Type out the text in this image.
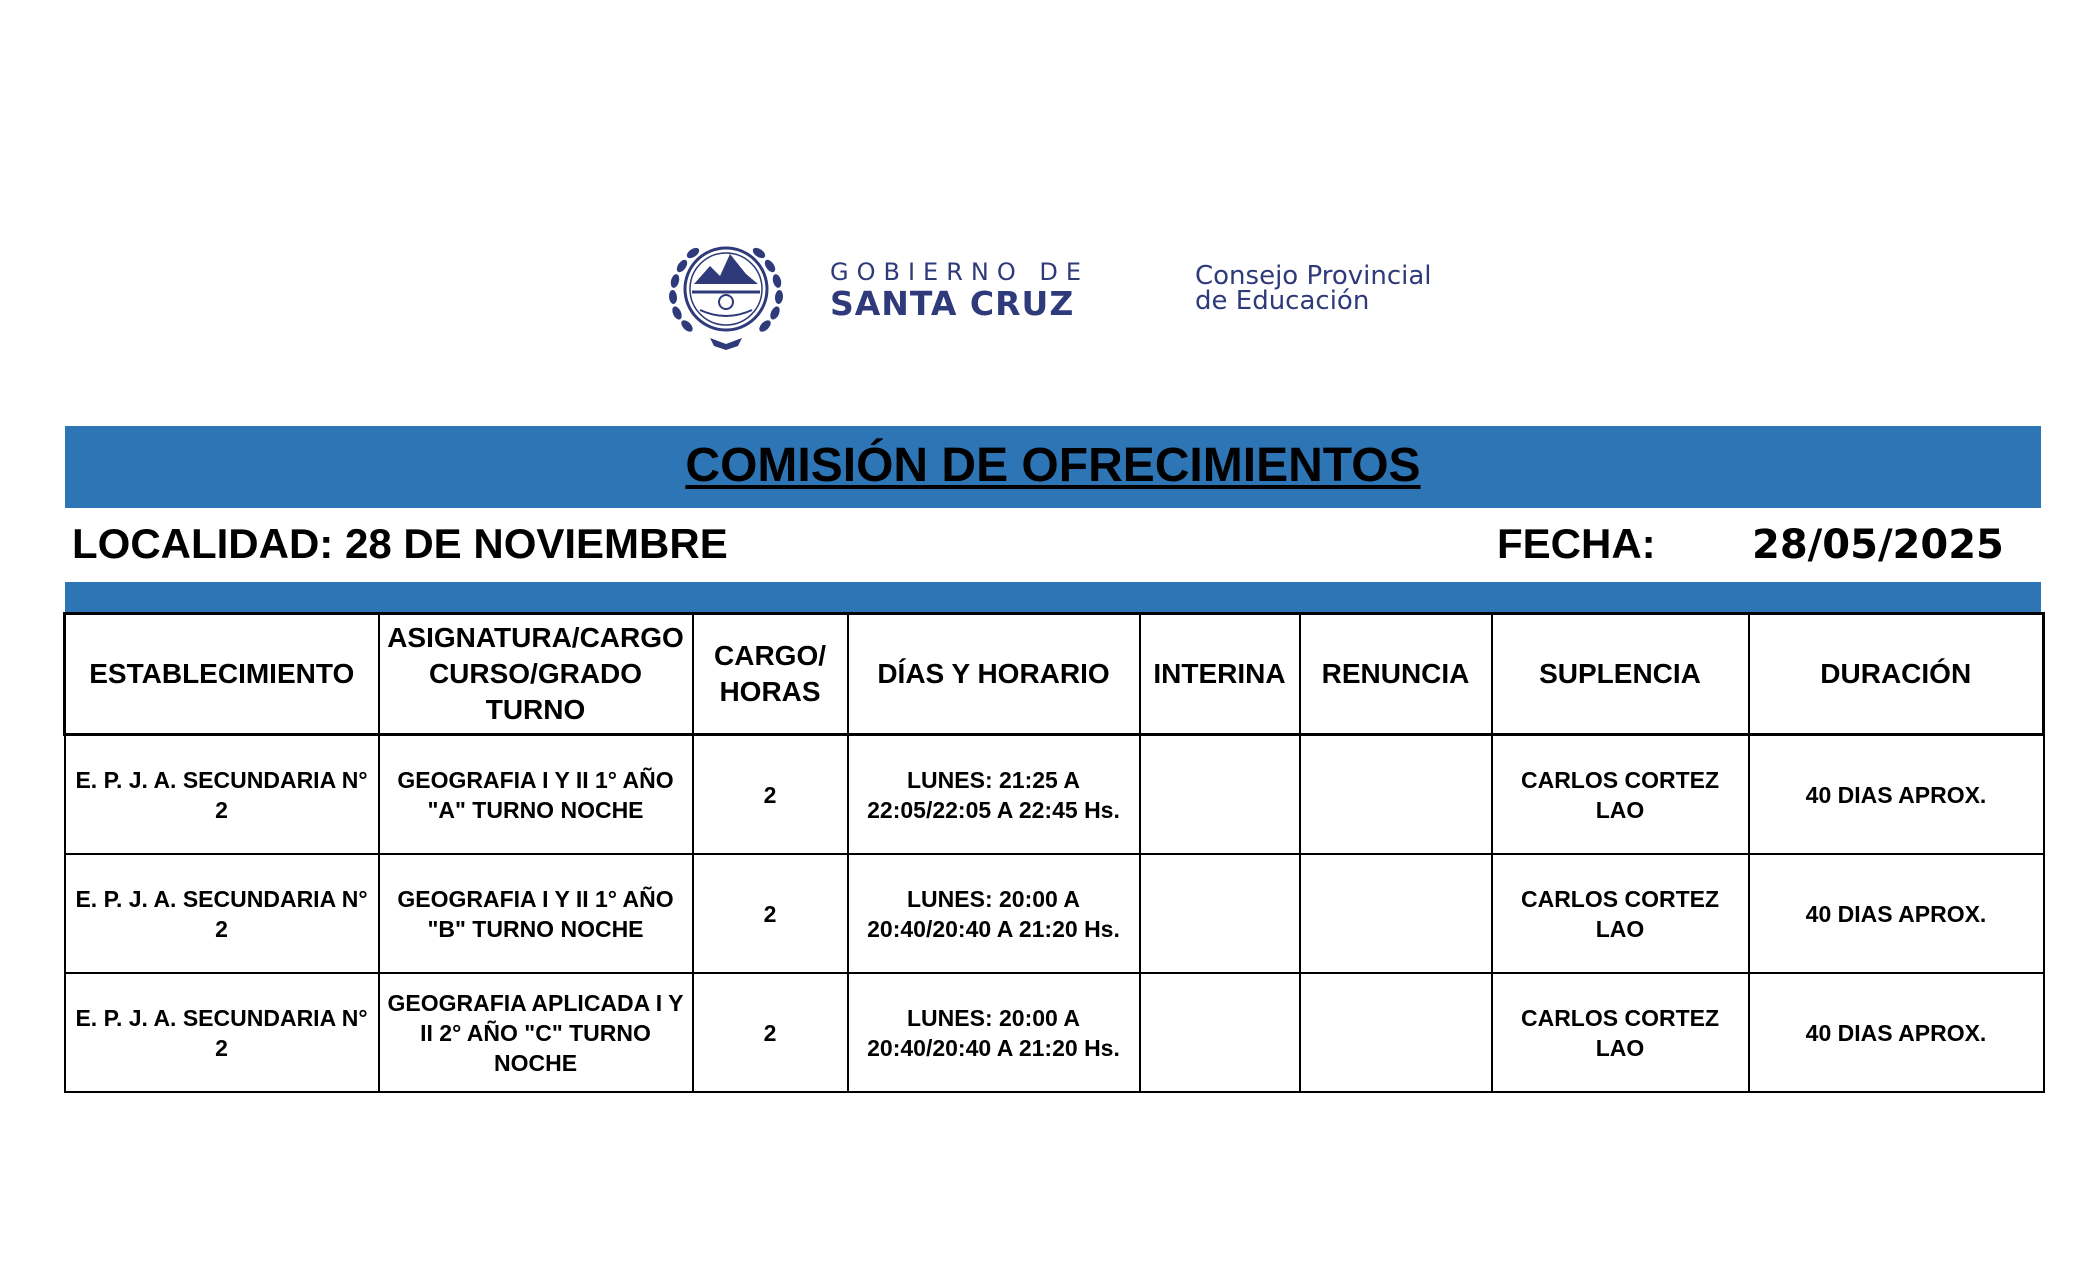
GOBIERNO DE
SANTA CRUZ
Consejo Provincial
de Educación
COMISIÓN DE OFRECIMIENTOS
LOCALIDAD: 28 DE NOVIEMBRE	FECHA: 28/05/2025
ESTABLECIMIENTO	ASIGNATURA/CARGO CURSO/GRADO TURNO	CARGO/ HORAS	DÍAS Y HORARIO	INTERINA	RENUNCIA	SUPLENCIA	DURACIÓN
E. P. J. A. SECUNDARIA N° 2	GEOGRAFIA I Y II 1° AÑO "A" TURNO NOCHE	2	LUNES: 21:25 A 22:05/22:05 A 22:45 Hs.			CARLOS CORTEZ LAO	40 DIAS APROX.
E. P. J. A. SECUNDARIA N° 2	GEOGRAFIA I Y II 1° AÑO "B" TURNO NOCHE	2	LUNES: 20:00 A 20:40/20:40 A 21:20 Hs.			CARLOS CORTEZ LAO	40 DIAS APROX.
E. P. J. A. SECUNDARIA N° 2	GEOGRAFIA APLICADA I Y II 2° AÑO "C" TURNO NOCHE	2	LUNES: 20:00 A 20:40/20:40 A 21:20 Hs.			CARLOS CORTEZ LAO	40 DIAS APROX.
